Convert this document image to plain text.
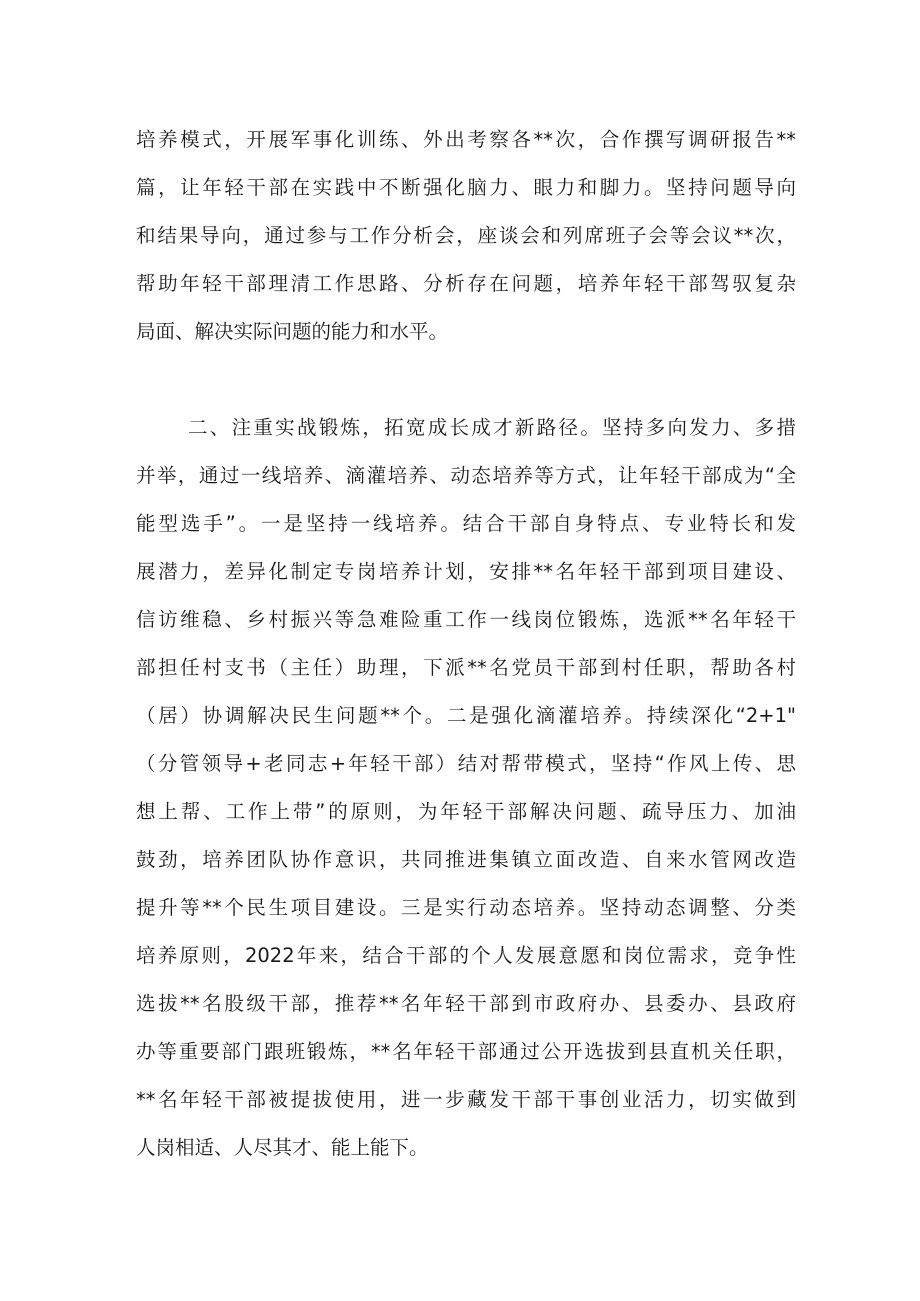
培养模式，开展军事化训练、外出考察各**次，合作撰写调研报告**
篇，让年轻干部在实践中不断强化脑力、眼力和脚力。坚持问题导向
和结果导向，通过参与工作分析会，座谈会和列席班子会等会议**次，
帮助年轻干部理清工作思路、分析存在问题，培养年轻干部驾驭复杂
局面、解决实际问题的能力和水平。
二、注重实战锻炼，拓宽成长成才新路径。坚持多向发力、多措
并举，通过一线培养、滴灌培养、动态培养等方式，让年轻干部成为“全
能型选手”。一是坚持一线培养。结合干部自身特点、专业特长和发
展潜力，差异化制定专岗培养计划，安排**名年轻干部到项目建设、
信访维稳、乡村振兴等急难险重工作一线岗位锻炼，选派**名年轻干
部担任村支书（主任）助理，下派**名党员干部到村任职，帮助各村
（居）协调解决民生问题**个。二是强化滴灌培养。持续深化“2+1"
（分管领导+老同志+年轻干部）结对帮带模式，坚持“作风上传、思
想上帮、工作上带”的原则，为年轻干部解决问题、疏导压力、加油
鼓劲，培养团队协作意识，共同推进集镇立面改造、自来水管网改造
提升等**个民生项目建设。三是实行动态培养。坚持动态调整、分类
培养原则，2022年来，结合干部的个人发展意愿和岗位需求，竞争性
选拔**名股级干部，推荐**名年轻干部到市政府办、县委办、县政府
办等重要部门跟班锻炼，**名年轻干部通过公开选拔到县直机关任职，
**名年轻干部被提拔使用，进一步藏发干部干事创业活力，切实做到
人岗相适、人尽其才、能上能下。
